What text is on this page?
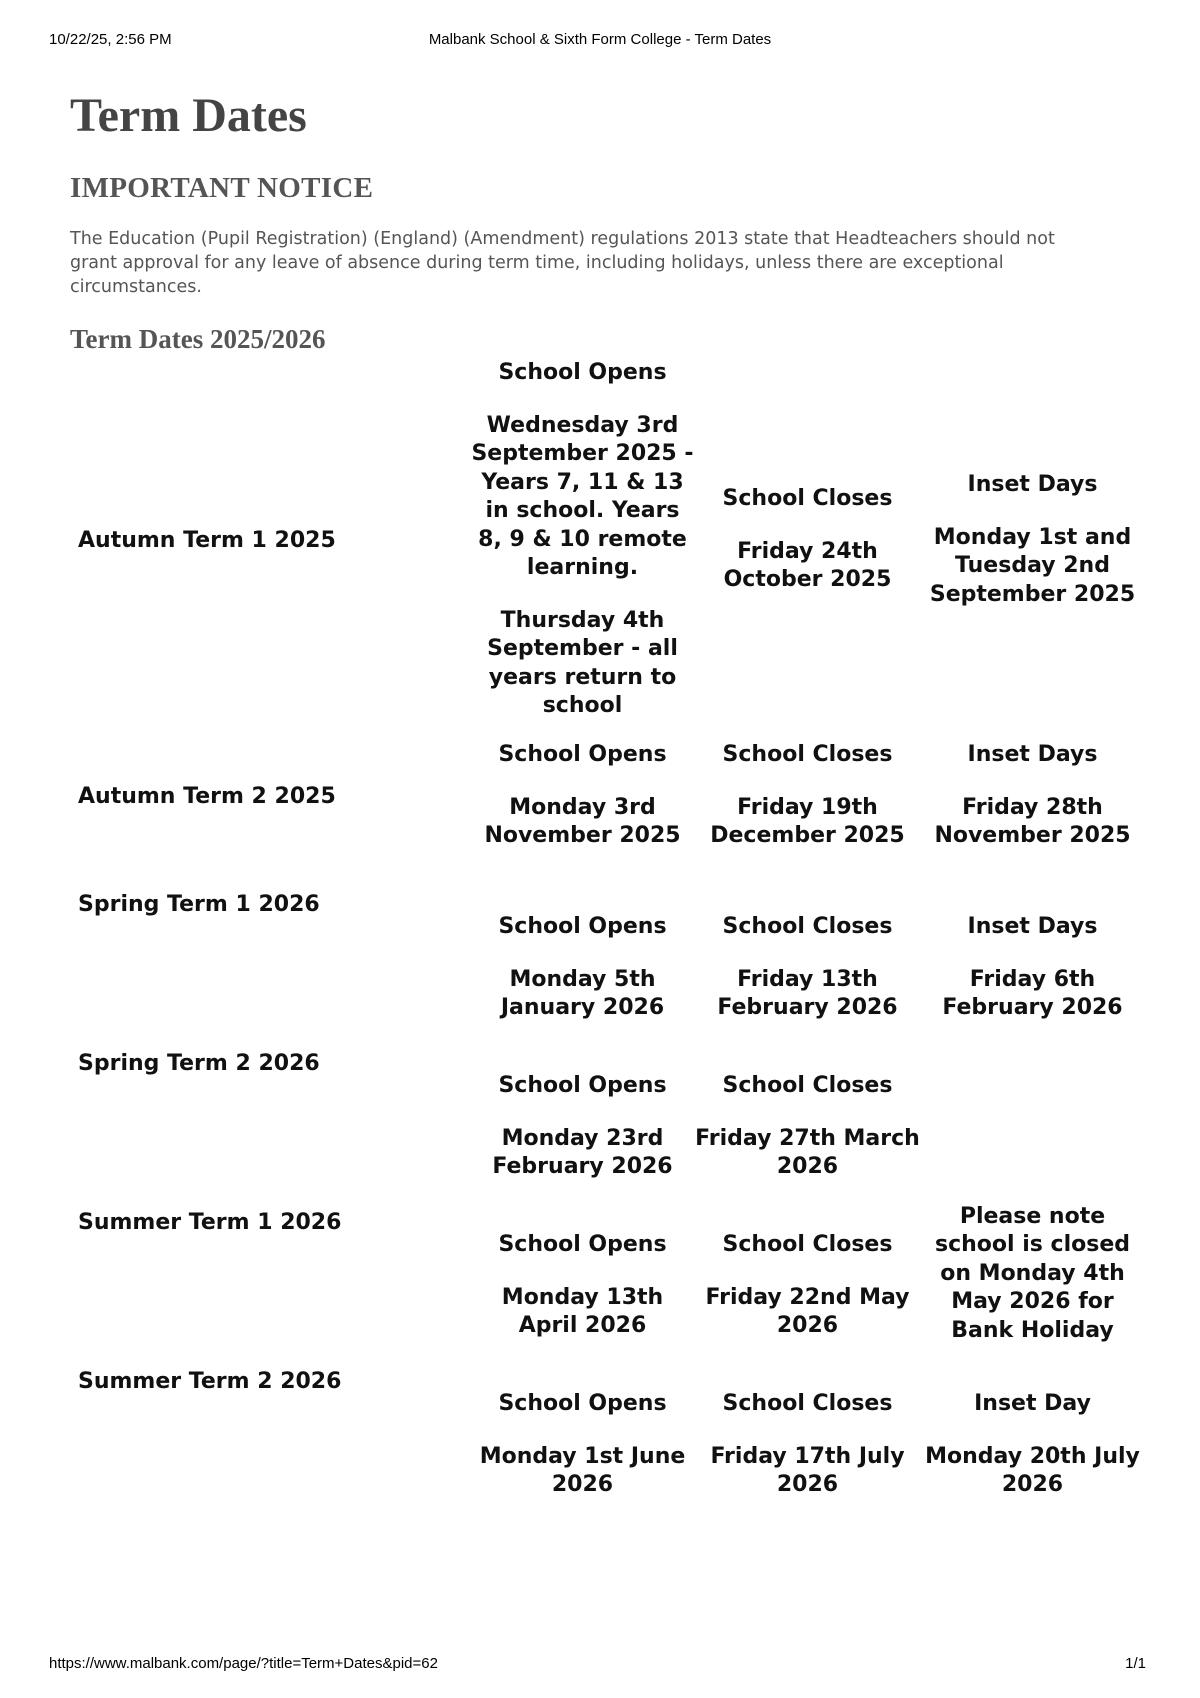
10/22/25, 2:56 PM	Malbank School & Sixth Form College - Term Dates
Term Dates
IMPORTANT NOTICE

The Education (Pupil Registration) (England) (Amendment) regulations 2013 state that Headteachers should not grant approval for any leave of absence during term time, including holidays, unless there are exceptional circumstances.

Term Dates 2025/2026
Autumn Term 1 2025

School Opens

Wednesday 3rd September 2025 - Years 7, 11 & 13 in school. Years 8, 9 & 10 remote learning.

Thursday 4th September - all years return to school

School Closes

Friday 24th October 2025

Inset Days

Monday 1st and Tuesday 2nd September 2025

Autumn Term 2 2025

School Opens

Monday 3rd November 2025

School Closes

Friday 19th December 2025

Inset Days

Friday 28th November 2025

Spring Term 1 2026

School Opens

Monday 5th January 2026

School Closes

Friday 13th February 2026

Inset Days

Friday 6th February 2026

Spring Term 2 2026

School Opens

Monday 23rd February 2026

School Closes

Friday 27th March 2026

Summer Term 1 2026

School Opens

Monday 13th April 2026

School Closes

Friday 22nd May 2026

Please note school is closed on Monday 4th May 2026 for Bank Holiday

Summer Term 2 2026

School Opens

Monday 1st June 2026

School Closes

Friday 17th July 2026

Inset Day

Monday 20th July 2026

https://www.malbank.com/page/?title=Term+Dates&pid=62	1/1
